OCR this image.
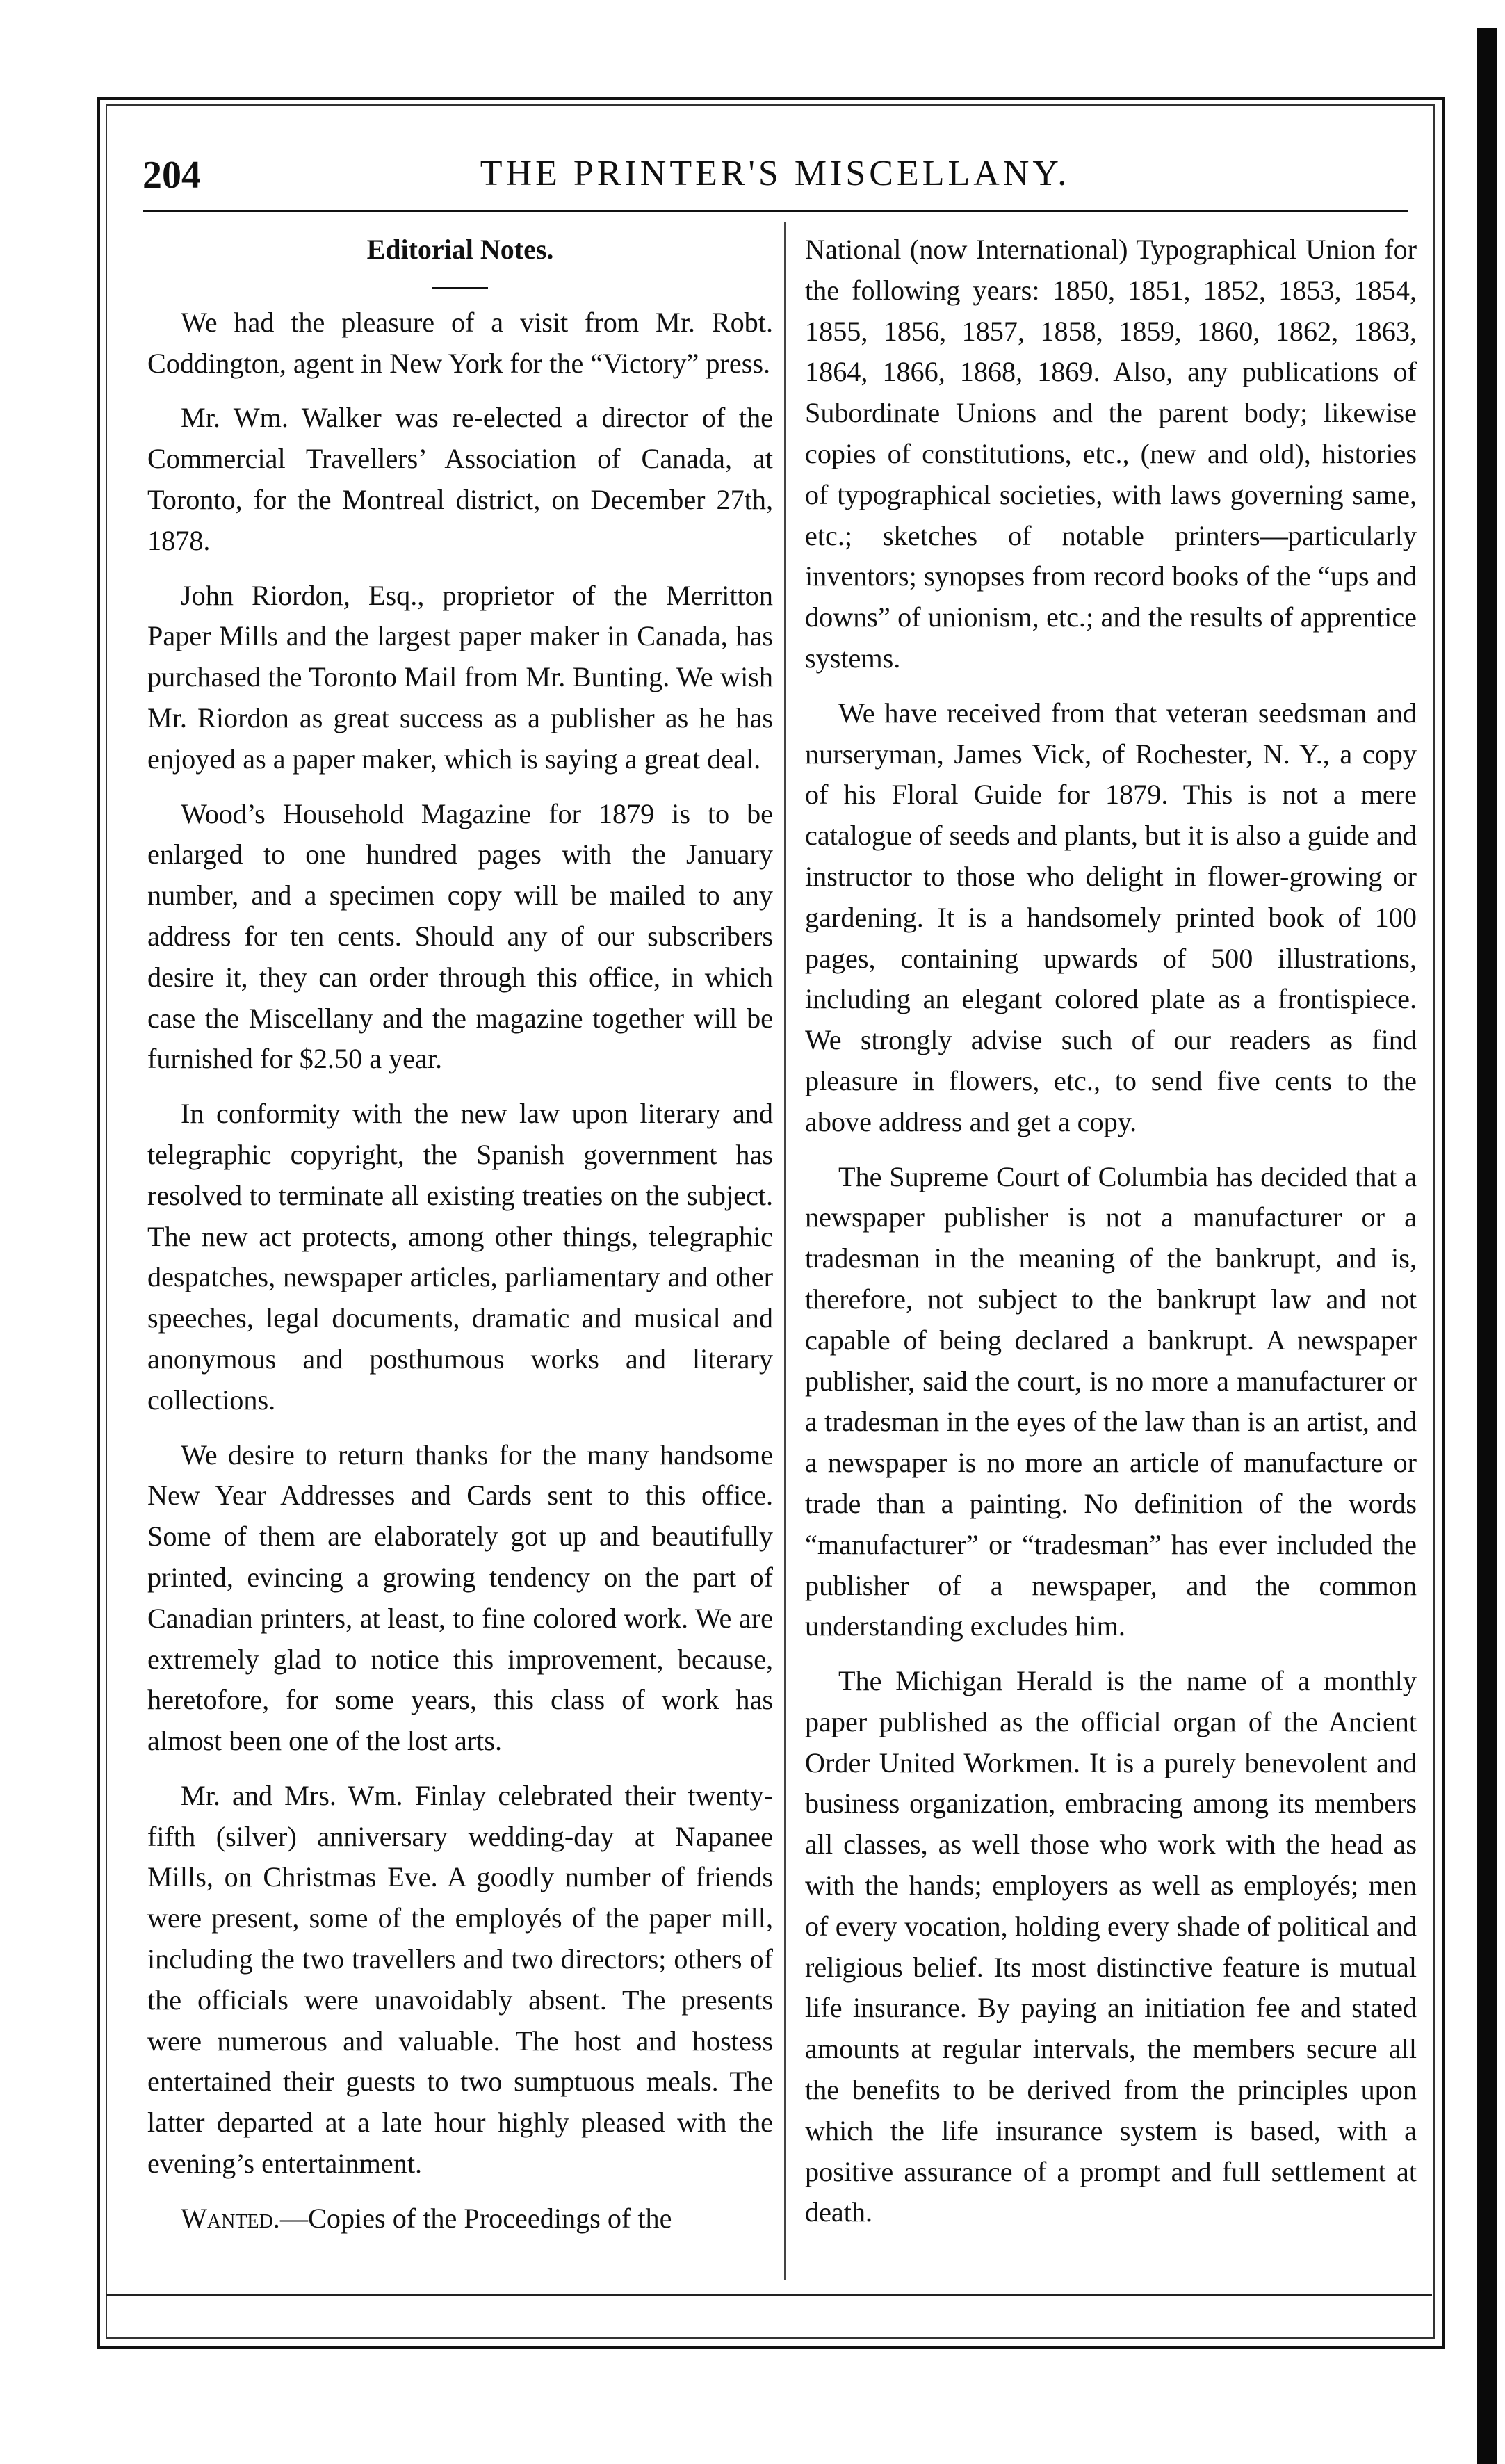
204	THE PRINTER'S MISCELLANY.
Editorial Notes.

We had the pleasure of a visit from Mr. Robt. Coddington, agent in New York for the “Victory” press.

Mr. Wm. Walker was re-elected a director of the Commercial Travellers’ Association of Canada, at Toronto, for the Montreal district, on December 27th, 1878.

John Riordon, Esq., proprietor of the Merritton Paper Mills and the largest paper maker in Canada, has purchased the Toronto Mail from Mr. Bunting. We wish Mr. Riordon as great success as a publisher as he has enjoyed as a paper maker, which is saying a great deal.

Wood’s Household Magazine for 1879 is to be enlarged to one hundred pages with the January number, and a specimen copy will be mailed to any address for ten cents. Should any of our subscribers desire it, they can order through this office, in which case the Miscellany and the magazine together will be furnished for $2.50 a year.

In conformity with the new law upon literary and telegraphic copyright, the Spanish government has resolved to terminate all existing treaties on the subject. The new act protects, among other things, telegraphic despatches, newspaper articles, parliamentary and other speeches, legal documents, dramatic and musical and anonymous and posthumous works and literary collections.

We desire to return thanks for the many handsome New Year Addresses and Cards sent to this office. Some of them are elaborately got up and beautifully printed, evincing a growing tendency on the part of Canadian printers, at least, to fine colored work. We are extremely glad to notice this improvement, because, heretofore, for some years, this class of work has almost been one of the lost arts.

Mr. and Mrs. Wm. Finlay celebrated their twenty-fifth (silver) anniversary wedding-day at Napanee Mills, on Christmas Eve. A goodly number of friends were present, some of the employés of the paper mill, including the two travellers and two directors; others of the officials were unavoidably absent. The presents were numerous and valuable. The host and hostess entertained their guests to two sumptuous meals. The latter departed at a late hour highly pleased with the evening’s entertainment.

Wanted.—Copies of the Proceedings of the

National (now International) Typographical Union for the following years: 1850, 1851, 1852, 1853, 1854, 1855, 1856, 1857, 1858, 1859, 1860, 1862, 1863, 1864, 1866, 1868, 1869. Also, any publications of Subordinate Unions and the parent body; likewise copies of constitutions, etc., (new and old), histories of typographical societies, with laws governing same, etc.; sketches of notable printers—particularly inventors; synopses from record books of the “ups and downs” of unionism, etc.; and the results of apprentice systems.

We have received from that veteran seedsman and nurseryman, James Vick, of Rochester, N. Y., a copy of his Floral Guide for 1879. This is not a mere catalogue of seeds and plants, but it is also a guide and instructor to those who delight in flower-growing or gardening. It is a handsomely printed book of 100 pages, containing upwards of 500 illustrations, including an elegant colored plate as a frontispiece. We strongly advise such of our readers as find pleasure in flowers, etc., to send five cents to the above address and get a copy.

The Supreme Court of Columbia has decided that a newspaper publisher is not a manufacturer or a tradesman in the meaning of the bankrupt, and is, therefore, not subject to the bankrupt law and not capable of being declared a bankrupt. A newspaper publisher, said the court, is no more a manufacturer or a tradesman in the eyes of the law than is an artist, and a newspaper is no more an article of manufacture or trade than a painting. No definition of the words “manufacturer” or “tradesman” has ever included the publisher of a newspaper, and the common understanding excludes him.

The Michigan Herald is the name of a monthly paper published as the official organ of the Ancient Order United Workmen. It is a purely benevolent and business organization, embracing among its members all classes, as well those who work with the head as with the hands; employers as well as employés; men of every vocation, holding every shade of political and religious belief. Its most distinctive feature is mutual life insurance. By paying an initiation fee and stated amounts at regular intervals, the members secure all the benefits to be derived from the principles upon which the life insurance system is based, with a positive assurance of a prompt and full settlement at death.
